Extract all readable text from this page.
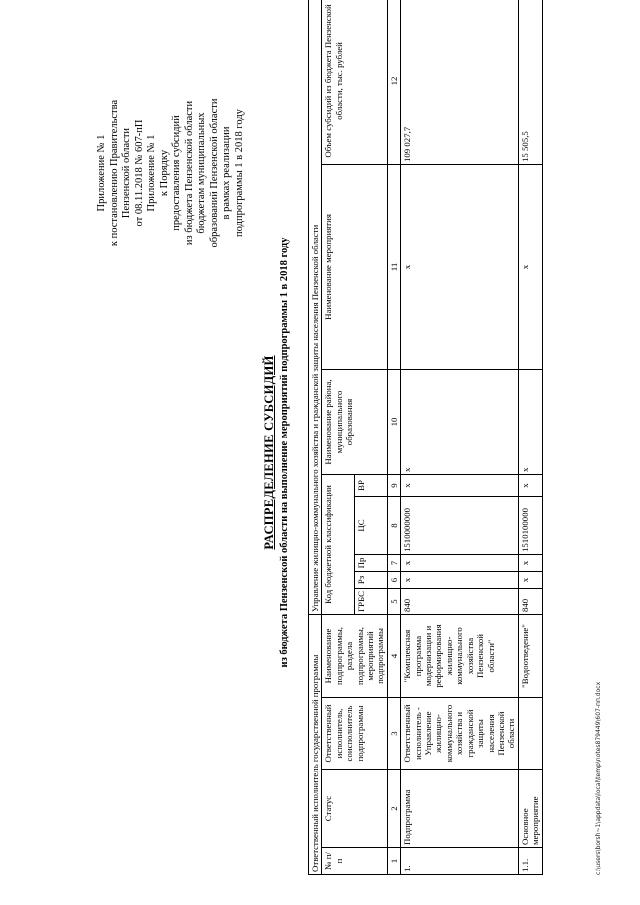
Приложение № 1 к постановлению Правительства Пензенской области от 08.11.2018 № 607-пП Приложение № 1 к Порядку предоставления субсидий из бюджета Пензенской области бюджетам муниципальных образований Пензенской области в рамках реализации подпрограммы 1 в 2018 году
РАСПРЕДЕЛЕНИЕ СУБСИДИЙ из бюджета Пензенской области на выполнение мероприятий подпрограммы 1 в 2018 году
Ответственный исполнитель государственной программы				Управление жилищно-коммунального хозяйства и гражданской защиты населения Пензенской области							
№ п/п	Статус	Ответственный исполнитель, соисполнитель подпрограммы	Наименование подпрограммы, раздела подпрограммы, мероприятий подпрограммы	Код бюджетной классификации					Наименование района, муниципального образования	Наименование мероприятия	Объем субсидий из бюджета Пензенской области, тыс. рублей
				ГРБС	Рз	Пр	ЦС	ВР			
1	2	3	4	5	6	7	8	9	10	11	12
1.	Подпрограмма	Ответственный исполнитель - Управление жилищно-коммунального хозяйства и гражданской защиты населения Пензенской области	"Комплексная программа модернизации и реформирования жилищно-коммунального хозяйства Пензенской области"	840	х	х	1510000000	х	х	х	109 027,7
1.1.	Основное мероприятие		"Водоотведение"	840	х	х	1510100000	х	х	х	15 505,5
c:\users\borsh~1\appdata\local\temp\notes879449\607-пп.docx
